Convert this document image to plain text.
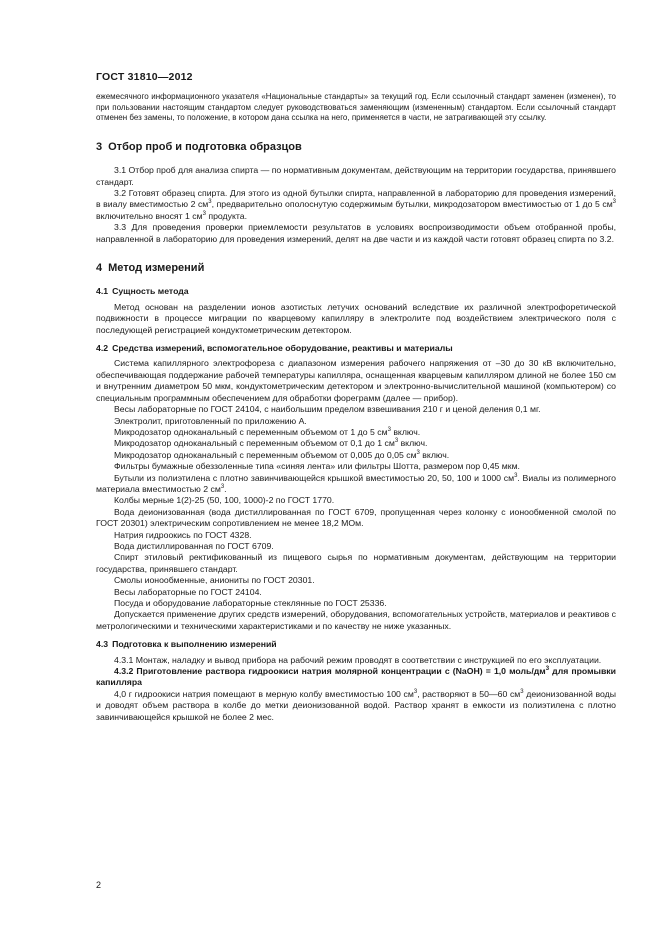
ГОСТ 31810—2012

ежемесячного информационного указателя «Национальные стандарты» за текущий год. Если ссылочный стандарт заменен (изменен), то при пользовании настоящим стандартом следует руководствоваться заменяющим (измененным) стандартом. Если ссылочный стандарт отменен без замены, то положение, в котором дана ссылка на него, применяется в части, не затрагивающей эту ссылку.

3 Отбор проб и подготовка образцов

3.1 Отбор проб для анализа спирта — по нормативным документам, действующим на территории государства, принявшего стандарт.

3.2 Готовят образец спирта. Для этого из одной бутылки спирта, направленной в лабораторию для проведения измерений, в виалу вместимостью 2 $см^3$, предварительно ополоснутую содержимым бутылки, микродозатором вместимостью от 1 до 5 $см^3$ включительно вносят 1 $см^3$ продукта.

3.3 Для проведения проверки приемлемости результатов в условиях воспроизводимости объем отобранной пробы, направленной в лабораторию для проведения измерений, делят на две части и из каждой части готовят образец спирта по 3.2.

4 Метод измерений
4.1 Сущность метода

Метод основан на разделении ионов азотистых летучих оснований вследствие их различной электрофоретической подвижности в процессе миграции по кварцевому капилляру в электролите под воздействием электрического поля с последующей регистрацией кондуктометрическим детектором.

4.2 Средства измерений, вспомогательное оборудование, реактивы и материалы

Система капиллярного электрофореза с диапазоном измерения рабочего напряжения от –30 до 30 кВ включительно, обеспечивающая поддержание рабочей температуры капилляра, оснащенная кварцевым капилляром длиной не более 150 см и внутренним диаметром 50 мкм, кондуктометрическим детектором и электронно-вычислительной машиной (компьютером) со специальным программным обеспечением для обработки фореграмм (далее — прибор).

Весы лабораторные по ГОСТ 24104, с наибольшим пределом взвешивания 210 г и ценой деления 0,1 мг.

Электролит, приготовленный по приложению А.

Микродозатор одноканальный с переменным объемом от 1 до 5 $см^3$ включ.

Микродозатор одноканальный с переменным объемом от 0,1 до 1 $см^3$ включ.

Микродозатор одноканальный с переменным объемом от 0,005 до 0,05 $см^3$ включ.

Фильтры бумажные обеззоленные типа «синяя лента» или фильтры Шотта, размером пор 0,45 мкм.

Бутыли из полиэтилена с плотно завинчивающейся крышкой вместимостью 20, 50, 100 и 1000 $см^3$. Виалы из полимерного материала вместимостью 2 $см^3$.

Колбы мерные 1(2)-25 (50, 100, 1000)-2 по ГОСТ 1770.

Вода деионизованная (вода дистиллированная по ГОСТ 6709, пропущенная через колонку с ионообменной смолой по ГОСТ 20301) электрическим сопротивлением не менее 18,2 МОм.

Натрия гидроокись по ГОСТ 4328.

Вода дистиллированная по ГОСТ 6709.

Спирт этиловый ректификованный из пищевого сырья по нормативным документам, действующим на территории государства, принявшего стандарт.

Смолы ионообменные, аниониты по ГОСТ 20301.

Весы лабораторные по ГОСТ 24104.

Посуда и оборудование лабораторные стеклянные по ГОСТ 25336.

Допускается применение других средств измерений, оборудования, вспомогательных устройств, материалов и реактивов с метрологическими и техническими характеристиками и по качеству не ниже указанных.

4.3 Подготовка к выполнению измерений

4.3.1 Монтаж, наладку и вывод прибора на рабочий режим проводят в соответствии с инструкцией по его эксплуатации.

4.3.2 Приготовление раствора гидроокиси натрия молярной концентрации c (NaOH) = 1,0 моль/$дм^3$ для промывки капилляра

4,0 г гидроокиси натрия помещают в мерную колбу вместимостью 100 $см^3$, растворяют в 50—60 $см^3$ деионизованной воды и доводят объем раствора в колбе до метки деионизованной водой. Раствор хранят в емкости из полиэтилена с плотно завинчивающейся крышкой не более 2 мес.

2
